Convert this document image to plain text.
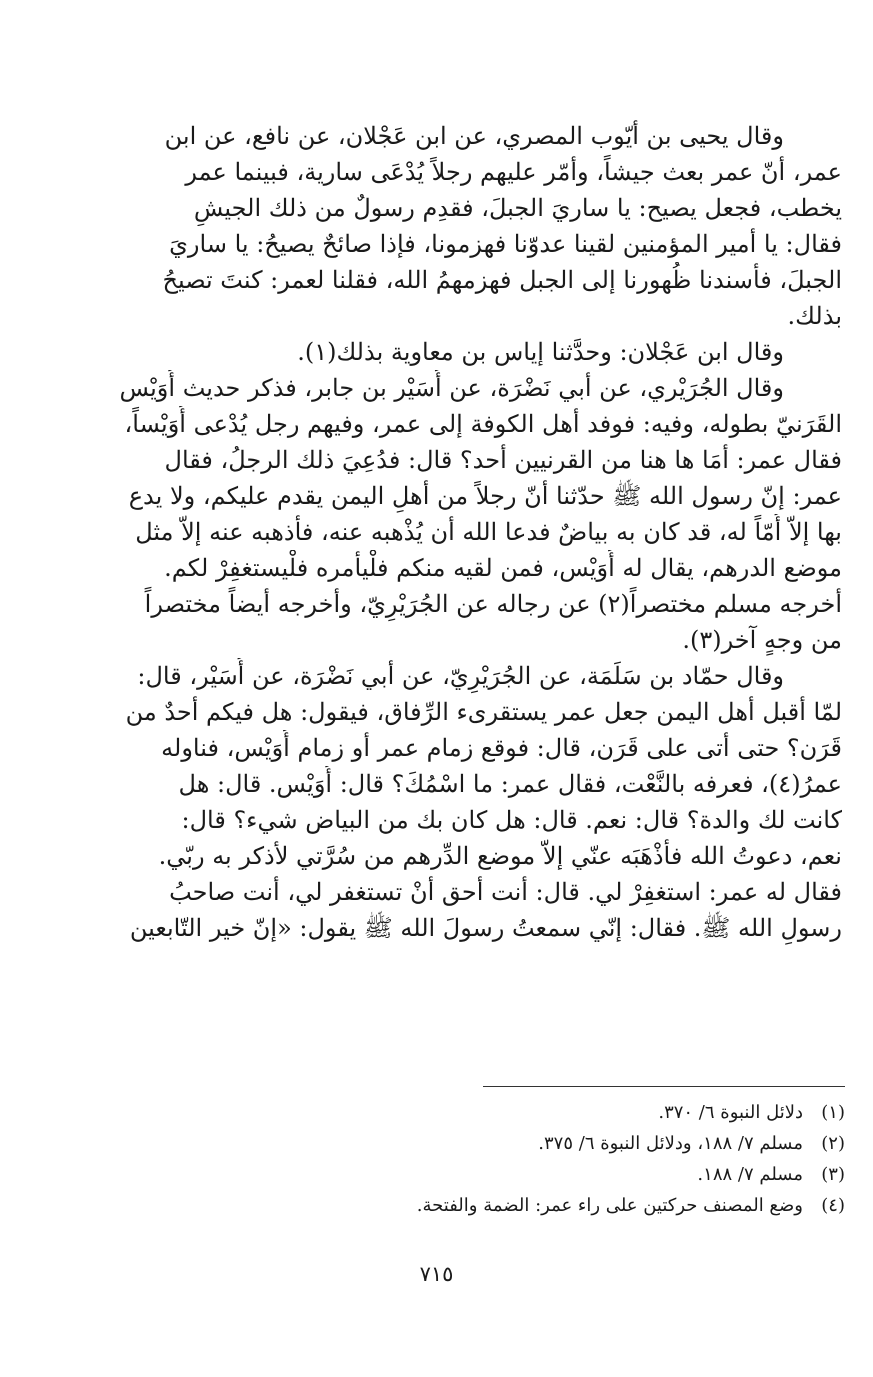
وقال يحيى بن أيّوب المصري، عن ابن عَجْلان، عن نافع، عن ابن
عمر، أنّ عمر بعث جيشاً، وأمّر عليهم رجلاً يُدْعَى سارية، فبينما عمر
يخطب، فجعل يصيح: يا ساريَ الجبلَ، فقدِم رسولٌ من ذلك الجيشِ
فقال: يا أمير المؤمنين لقينا عدوّنا فهزمونا، فإذا صائحٌ يصيحُ: يا ساريَ
الجبلَ، فأسندنا ظُهورنا إلى الجبل فهزمهمُ الله، فقلنا لعمر: كنتَ تصيحُ
بذلك.
وقال ابن عَجْلان: وحدَّثنا إياس بن معاوية بذلك(١).
وقال الجُرَيْري، عن أبي نَضْرَة، عن أُسَيْر بن جابر، فذكر حديث أُوَيْس
القَرَنيّ بطوله، وفيه: فوفد أهل الكوفة إلى عمر، وفيهم رجل يُدْعى أُوَيْساً،
فقال عمر: أمَا ها هنا من القرنيين أحد؟ قال: فدُعِيَ ذلك الرجلُ، فقال
عمر: إنّ رسول الله ﷺ حدّثنا أنّ رجلاً من أهلِ اليمن يقدم عليكم، ولا يدع
بها إلاّ أُمّاً له، قد كان به بياضٌ فدعا الله أن يُذْهبه عنه، فأذهبه عنه إلاّ مثل
موضع الدرهم، يقال له أُوَيْس، فمن لقيه منكم فلْيأمره فلْيستغفِرْ لكم.
أخرجه مسلم مختصراً(٢) عن رجاله عن الجُرَيْرِيّ، وأخرجه أيضاً مختصراً
من وجهٍ آخر(٣).
وقال حمّاد بن سَلَمَة، عن الجُرَيْرِيّ، عن أبي نَضْرَة، عن أُسَيْر، قال:
لمّا أقبل أهل اليمن جعل عمر يستقرىء الرِّفاق، فيقول: هل فيكم أحدٌ من
قَرَن؟ حتى أتى على قَرَن، قال: فوقع زمام عمر أو زمام أُوَيْس، فناوله
عمرُ(٤)، فعرفه بالنَّعْت، فقال عمر: ما اسْمُكَ؟ قال: أُوَيْس. قال: هل
كانت لك والدة؟ قال: نعم. قال: هل كان بك من البياض شيء؟ قال:
نعم، دعوتُ الله فأذْهَبَه عنّي إلاّ موضع الدِّرهم من سُرَّتي لأذكر به ربّي.
فقال له عمر: استغفِرْ لي. قال: أنت أحق أنْ تستغفر لي، أنت صاحبُ
رسولِ الله ﷺ. فقال: إنّي سمعتُ رسولَ الله ﷺ يقول: «إنّ خير التّابعين
(١)دلائل النبوة ٦/ ٣٧٠.
(٢)مسلم ٧/ ١٨٨، ودلائل النبوة ٦/ ٣٧٥.
(٣)مسلم ٧/ ١٨٨.
(٤)وضع المصنف حركتين على راء عمر: الضمة والفتحة.
٧١٥
